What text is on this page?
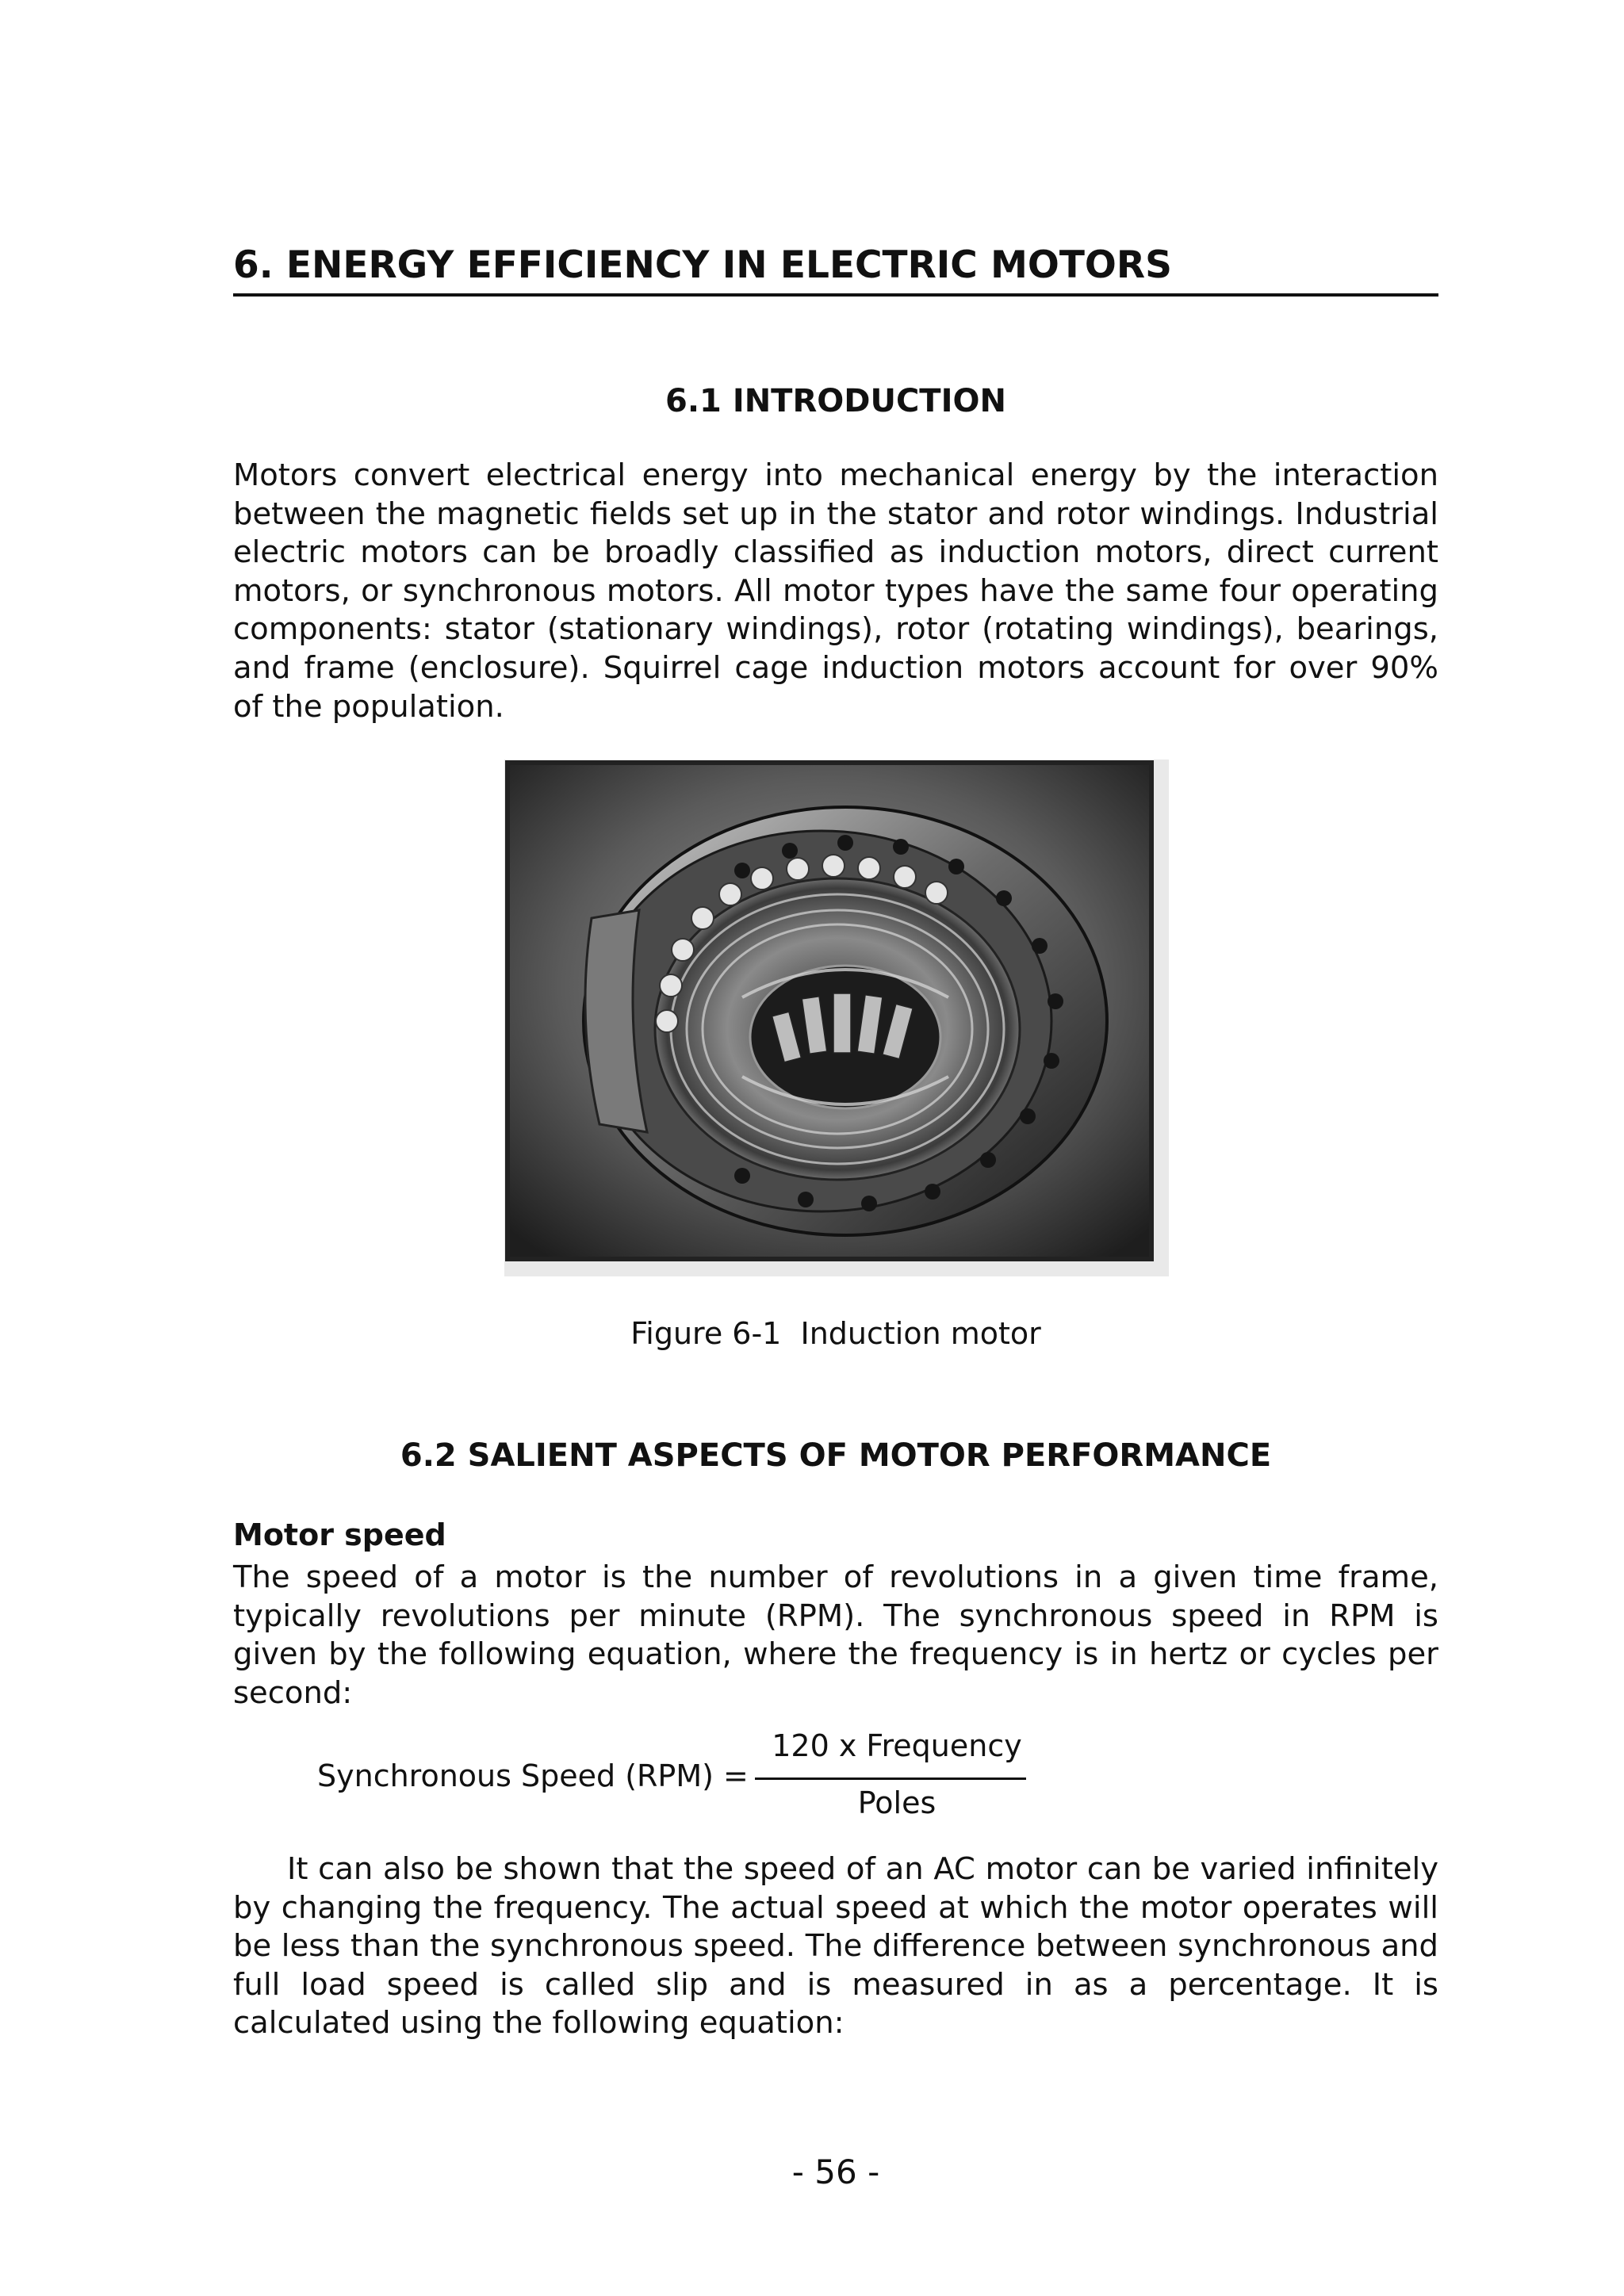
6. ENERGY EFFICIENCY IN ELECTRIC MOTORS
6.1 INTRODUCTION

Motors convert electrical energy into mechanical energy by the interaction between the magnetic fields set up in the stator and rotor windings. Industrial electric motors can be broadly classified as induction motors, direct current motors, or synchronous motors. All motor types have the same four operating components: stator (stationary windings), rotor (rotating windings), bearings, and frame (enclosure). Squirrel cage induction motors account for over 90% of the population.

Figure 6-1  Induction motor

6.2 SALIENT ASPECTS OF MOTOR PERFORMANCE
Motor speed

The speed of a motor is the number of revolutions in a given time frame, typically revolutions per minute (RPM). The synchronous speed in RPM is given by the following equation, where the frequency is in hertz or cycles per second:

Synchronous Speed (RPM) =
120 x Frequency
Poles

It can also be shown that the speed of an AC motor can be varied infinitely by changing the frequency. The actual speed at which the motor operates will be less than the synchronous speed. The difference between synchronous and full load speed is called slip and is measured in as a percentage. It is calculated using the following equation:

- 56 -
